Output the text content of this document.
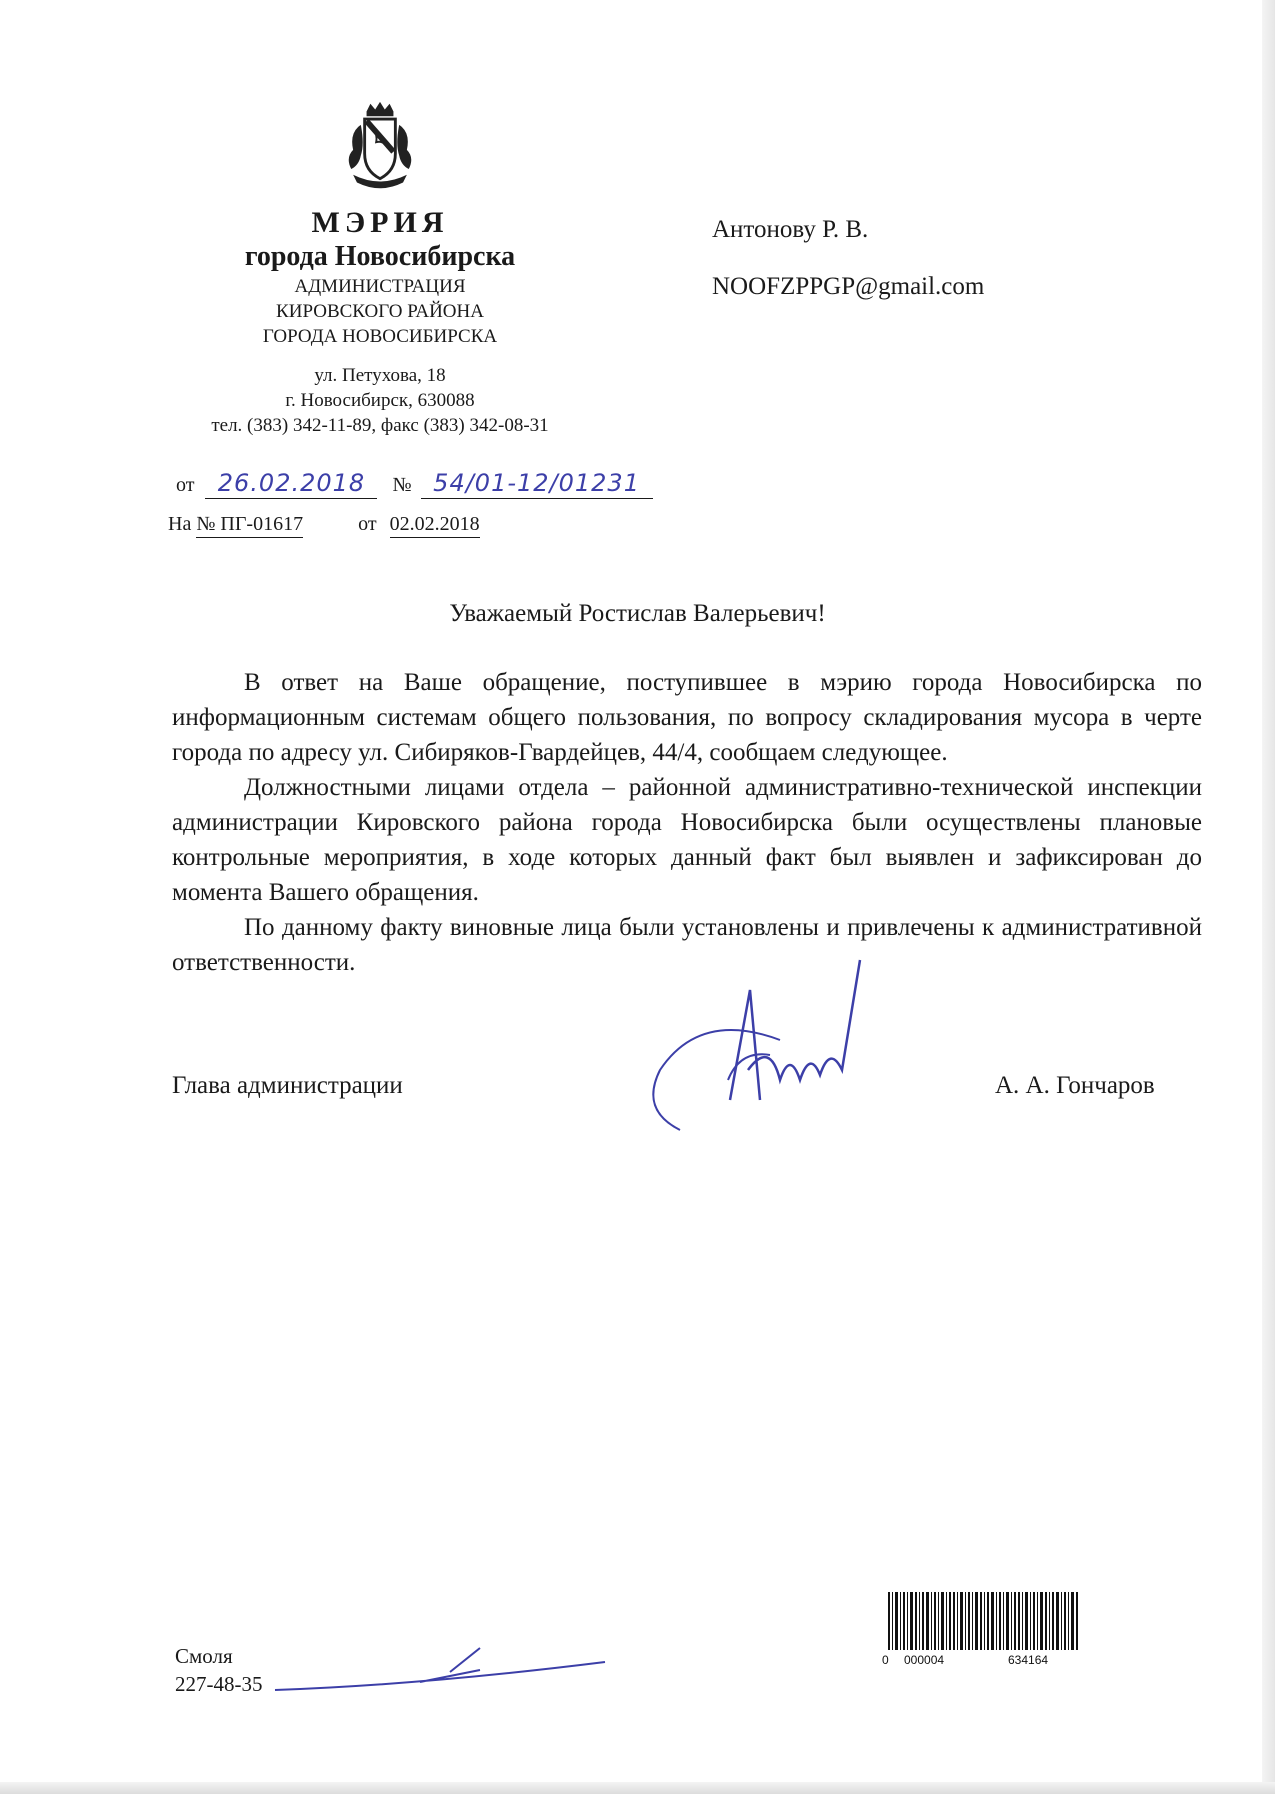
МЭРИЯ
города Новосибирска
АДМИНИСТРАЦИЯ
КИРОВСКОГО РАЙОНА
ГОРОДА НОВОСИБИРСКА
ул. Петухова, 18
г. Новосибирск, 630088
тел. (383) 342-11-89, факс (383) 342-08-31
от 26.02.2018 № 54/01-12/01231
На № ПГ-01617	от 02.02.2018
Антонову Р. В.
NOOFZPPGP@gmail.com
Уважаемый Ростислав Валерьевич!

В ответ на Ваше обращение, поступившее в мэрию города Новосибирска по информационным системам общего пользования, по вопросу складирования мусора в черте города по адресу ул. Сибиряков-Гвардейцев, 44/4, сообщаем следующее.

Должностными лицами отдела – районной административно-технической инспекции администрации Кировского района города Новосибирска были осуществлены плановые контрольные мероприятия, в ходе которых данный факт был выявлен и зафиксирован до момента Вашего обращения.

По данному факту виновные лица были установлены и привлечены к административной ответственности.

Глава администрации	А. А. Гончаров
Смоля
227-48-35
0 000004	634164
